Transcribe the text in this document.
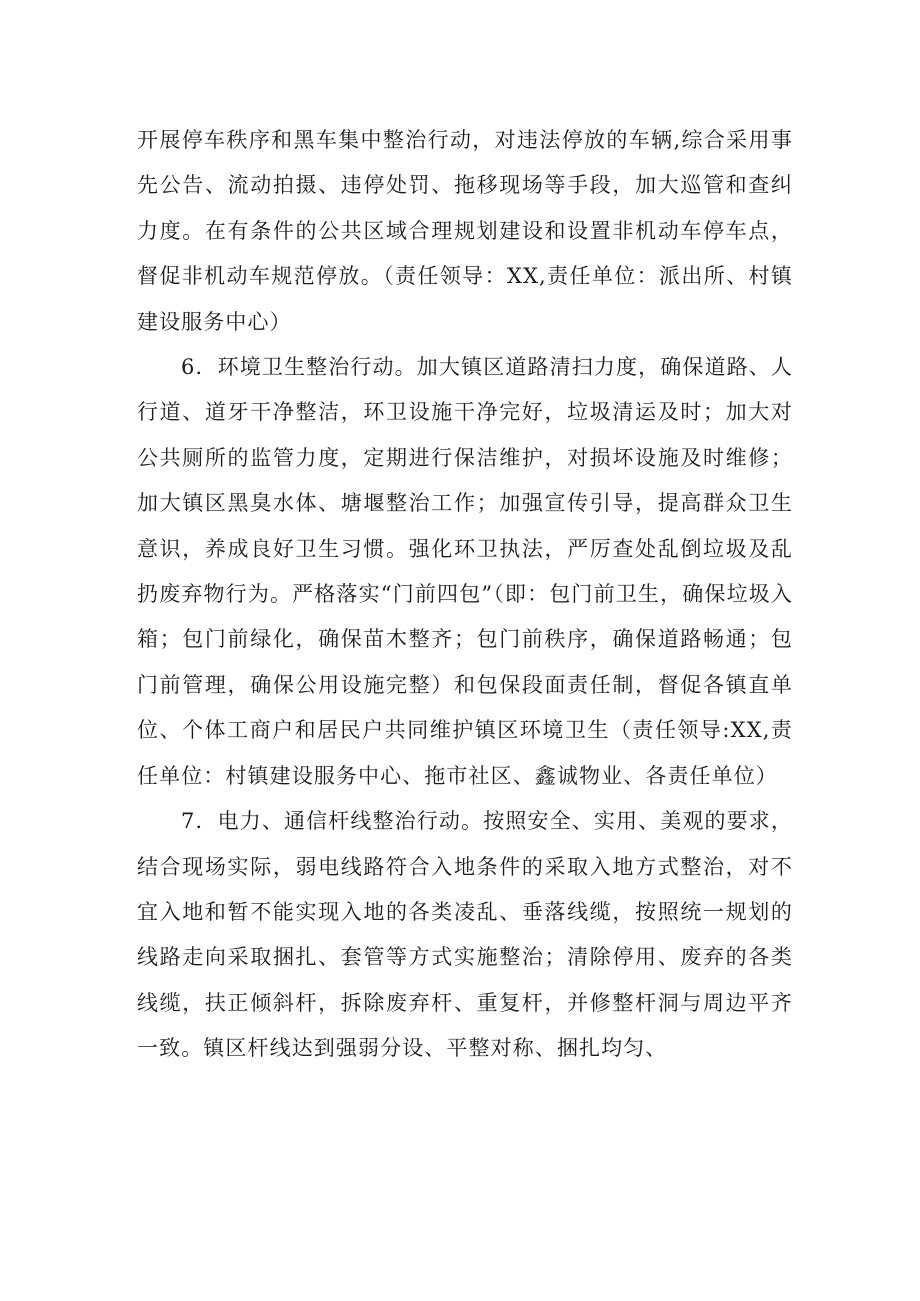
开展停车秩序和黑车集中整治行动，对违法停放的车辆,综合采用事先公告、流动拍摄、违停处罚、拖移现场等手段，加大巡管和查纠力度。在有条件的公共区域合理规划建设和设置非机动车停车点，督促非机动车规范停放。（责任领导：XX,责任单位：派出所、村镇建设服务中心）

6．环境卫生整治行动。加大镇区道路清扫力度，确保道路、人行道、道牙干净整洁，环卫设施干净完好，垃圾清运及时；加大对公共厕所的监管力度，定期进行保洁维护，对损坏设施及时维修；加大镇区黑臭水体、塘堰整治工作；加强宣传引导，提高群众卫生意识，养成良好卫生习惯。强化环卫执法，严厉查处乱倒垃圾及乱扔废弃物行为。严格落实“门前四包”（即：包门前卫生，确保垃圾入箱；包门前绿化，确保苗木整齐；包门前秩序，确保道路畅通；包门前管理，确保公用设施完整）和包保段面责任制，督促各镇直单位、个体工商户和居民户共同维护镇区环境卫生（责任领导:XX,责任单位：村镇建设服务中心、拖市社区、鑫诚物业、各责任单位）

7．电力、通信杆线整治行动。按照安全、实用、美观的要求，结合现场实际，弱电线路符合入地条件的采取入地方式整治，对不宜入地和暂不能实现入地的各类凌乱、垂落线缆，按照统一规划的线路走向采取捆扎、套管等方式实施整治；清除停用、废弃的各类线缆，扶正倾斜杆，拆除废弃杆、重复杆，并修整杆洞与周边平齐一致。镇区杆线达到强弱分设、平整对称、捆扎均匀、
